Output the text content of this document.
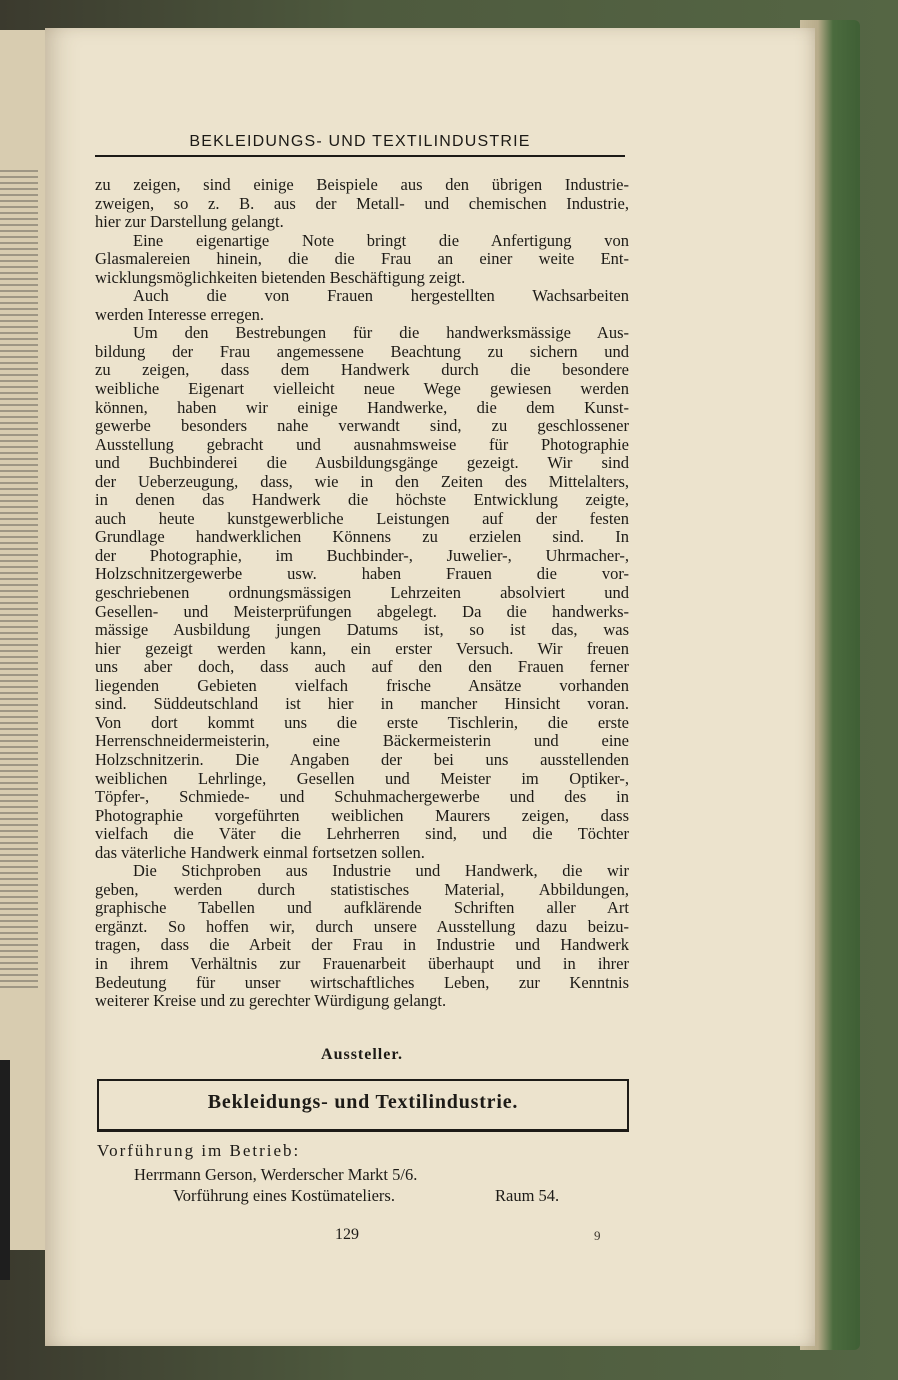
BEKLEIDUNGS- UND TEXTILINDUSTRIE

zu zeigen, sind einige Beispiele aus den übrigen Industrie-

zweigen, so z. B. aus der Metall- und chemischen Industrie,

hier zur Darstellung gelangt.

Eine eigenartige Note bringt die Anfertigung von

Glasmalereien hinein, die die Frau an einer weite Ent-

wicklungsmöglichkeiten bietenden Beschäftigung zeigt.

Auch die von Frauen hergestellten Wachsarbeiten

werden Interesse erregen.

Um den Bestrebungen für die handwerksmässige Aus-

bildung der Frau angemessene Beachtung zu sichern und

zu zeigen, dass dem Handwerk durch die besondere

weibliche Eigenart vielleicht neue Wege gewiesen werden

können, haben wir einige Handwerke, die dem Kunst-

gewerbe besonders nahe verwandt sind, zu geschlossener

Ausstellung gebracht und ausnahmsweise für Photographie

und Buchbinderei die Ausbildungsgänge gezeigt. Wir sind

der Ueberzeugung, dass, wie in den Zeiten des Mittelalters,

in denen das Handwerk die höchste Entwicklung zeigte,

auch heute kunstgewerbliche Leistungen auf der festen

Grundlage handwerklichen Könnens zu erzielen sind. In

der Photographie, im Buchbinder-, Juwelier-, Uhrmacher-,

Holzschnitzergewerbe usw. haben Frauen die vor-

geschriebenen ordnungsmässigen Lehrzeiten absolviert und

Gesellen- und Meisterprüfungen abgelegt. Da die handwerks-

mässige Ausbildung jungen Datums ist, so ist das, was

hier gezeigt werden kann, ein erster Versuch. Wir freuen

uns aber doch, dass auch auf den den Frauen ferner

liegenden Gebieten vielfach frische Ansätze vorhanden

sind. Süddeutschland ist hier in mancher Hinsicht voran.

Von dort kommt uns die erste Tischlerin, die erste

Herrenschneidermeisterin, eine Bäckermeisterin und eine

Holzschnitzerin. Die Angaben der bei uns ausstellenden

weiblichen Lehrlinge, Gesellen und Meister im Optiker-,

Töpfer-, Schmiede- und Schuhmachergewerbe und des in

Photographie vorgeführten weiblichen Maurers zeigen, dass

vielfach die Väter die Lehrherren sind, und die Töchter

das väterliche Handwerk einmal fortsetzen sollen.

Die Stichproben aus Industrie und Handwerk, die wir

geben, werden durch statistisches Material, Abbildungen,

graphische Tabellen und aufklärende Schriften aller Art

ergänzt. So hoffen wir, durch unsere Ausstellung dazu beizu-

tragen, dass die Arbeit der Frau in Industrie und Handwerk

in ihrem Verhältnis zur Frauenarbeit überhaupt und in ihrer

Bedeutung für unser wirtschaftliches Leben, zur Kenntnis

weiterer Kreise und zu gerechter Würdigung gelangt.

Aussteller.
Bekleidungs- und Textilindustrie.
Vorführung im Betrieb:
Herrmann Gerson, Werderscher Markt 5/6.
Vorführung eines Kostümateliers.	Raum 54.
129	9
